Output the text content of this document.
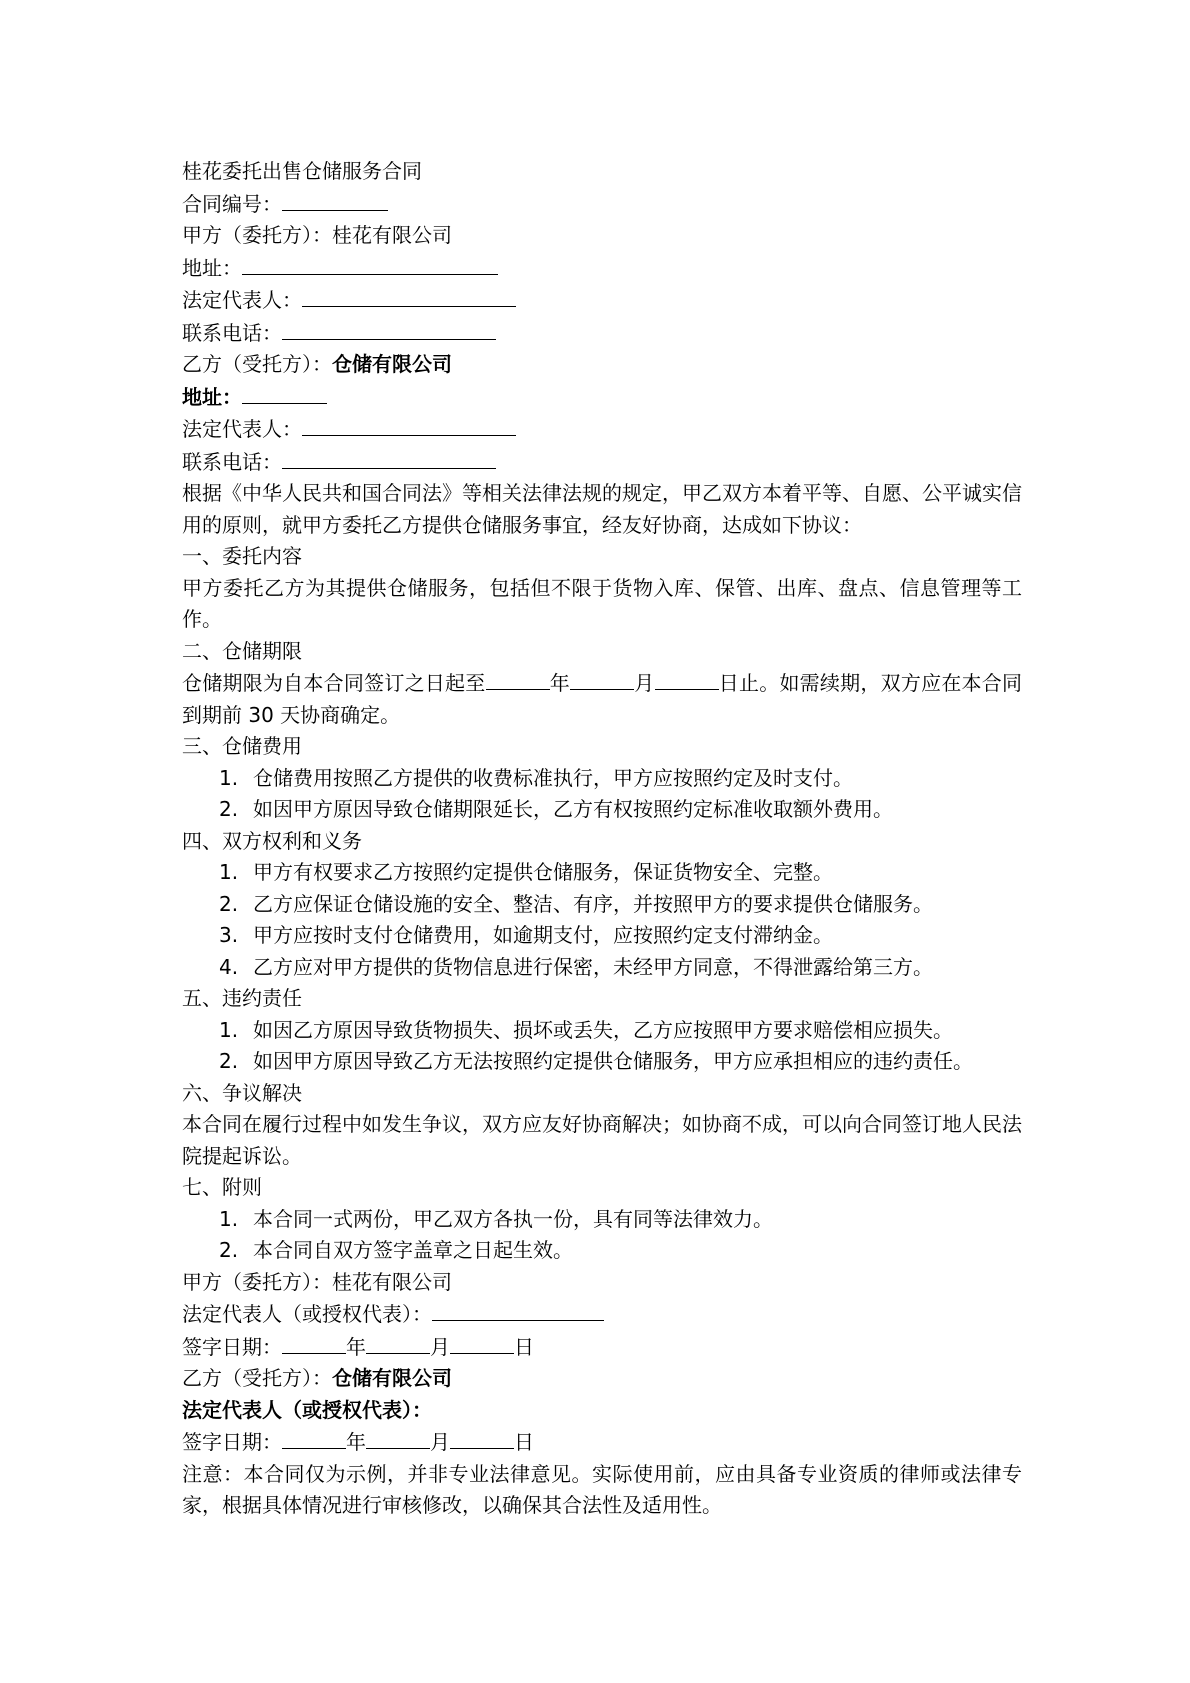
桂花委托出售仓储服务合同
合同编号：
甲方（委托方）：桂花有限公司
地址：
法定代表人：
联系电话：
乙方（受托方）：仓储有限公司
地址：
法定代表人：
联系电话：
根据《中华人民共和国合同法》等相关法律法规的规定，甲乙双方本着平等、自愿、公平诚实信用的原则，就甲方委托乙方提供仓储服务事宜，经友好协商，达成如下协议：
一、委托内容
甲方委托乙方为其提供仓储服务，包括但不限于货物入库、保管、出库、盘点、信息管理等工作。
二、仓储期限
仓储期限为自本合同签订之日起至	年	月	日止。如需续期，双方应在本合同到期前 30 天协商确定。
三、仓储费用
1. 仓储费用按照乙方提供的收费标准执行，甲方应按照约定及时支付。
2. 如因甲方原因导致仓储期限延长，乙方有权按照约定标准收取额外费用。
四、双方权利和义务
1. 甲方有权要求乙方按照约定提供仓储服务，保证货物安全、完整。
2. 乙方应保证仓储设施的安全、整洁、有序，并按照甲方的要求提供仓储服务。
3. 甲方应按时支付仓储费用，如逾期支付，应按照约定支付滞纳金。
4. 乙方应对甲方提供的货物信息进行保密，未经甲方同意，不得泄露给第三方。
五、违约责任
1. 如因乙方原因导致货物损失、损坏或丢失，乙方应按照甲方要求赔偿相应损失。
2. 如因甲方原因导致乙方无法按照约定提供仓储服务，甲方应承担相应的违约责任。
六、争议解决
本合同在履行过程中如发生争议，双方应友好协商解决；如协商不成，可以向合同签订地人民法院提起诉讼。
七、附则
1. 本合同一式两份，甲乙双方各执一份，具有同等法律效力。
2. 本合同自双方签字盖章之日起生效。
甲方（委托方）：桂花有限公司
法定代表人（或授权代表）：
签字日期：	年	月	日
乙方（受托方）：仓储有限公司
法定代表人（或授权代表）：
签字日期：	年	月	日
注意：本合同仅为示例，并非专业法律意见。实际使用前，应由具备专业资质的律师或法律专家，根据具体情况进行审核修改，以确保其合法性及适用性。
